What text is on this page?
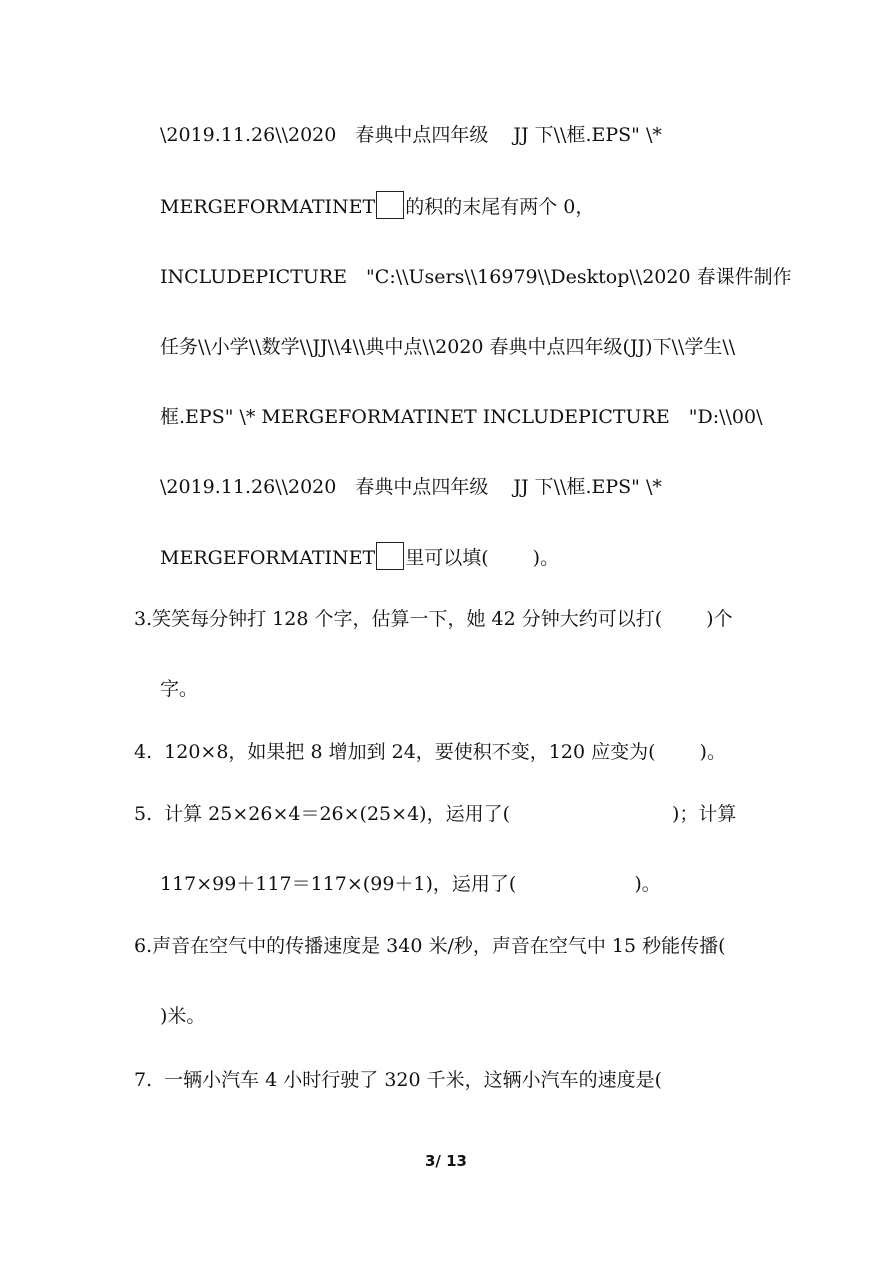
\2019.11.26\\2020　春典中点四年级　 JJ 下\\框.EPS" \*
MERGEFORMATINET 的积的末尾有两个 0，
INCLUDEPICTURE　"C:\\Users\\16979\\Desktop\\2020 春课件制作
任务\\小学\\数学\\JJ\\4\\典中点\\2020 春典中点四年级(JJ)下\\学生\\
框.EPS" \* MERGEFORMATINET INCLUDEPICTURE　"D:\\00\
\2019.11.26\\2020　春典中点四年级　 JJ 下\\框.EPS" \*
MERGEFORMATINET 里可以填( )。
3.笑笑每分钟打 128 个字，估算一下，她 42 分钟大约可以打( )个
字。
4. 120×8，如果把 8 增加到 24，要使积不变，120 应变为( )。
5. 计算 25×26×4＝26×(25×4)，运用了(	)；计算
117×99＋117＝117×(99＋1)，运用了(	)。
6.声音在空气中的传播速度是 340 米/秒，声音在空气中 15 秒能传播(
)米。
7. 一辆小汽车 4 小时行驶了 320 千米，这辆小汽车的速度是(
3/ 13
